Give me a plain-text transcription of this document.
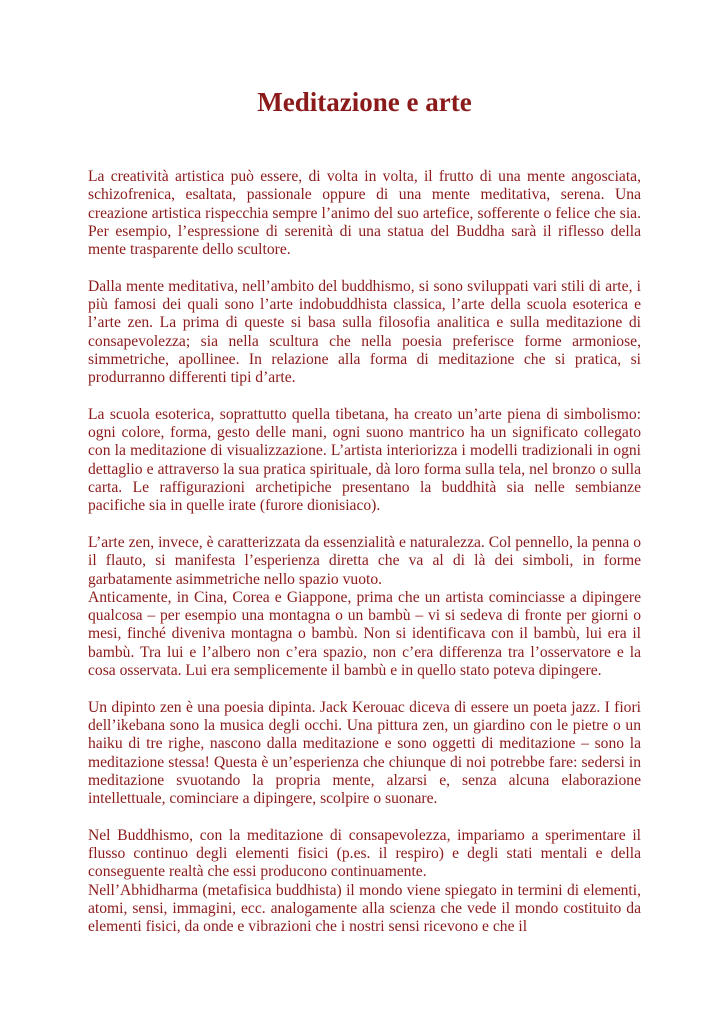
Meditazione e arte

La creatività artistica può essere, di volta in volta, il frutto di una mente angosciata, schizofrenica, esaltata, passionale oppure di una mente meditativa, serena. Una creazione artistica rispecchia sempre l’animo del suo artefice, sofferente o felice che sia. Per esempio, l’espressione di serenità di una statua del Buddha sarà il riflesso della mente trasparente dello scultore.

Dalla mente meditativa, nell’ambito del buddhismo, si sono sviluppati vari stili di arte, i più famosi dei quali sono l’arte indobuddhista classica, l’arte della scuola esoterica e l’arte zen. La prima di queste si basa sulla filosofia analitica e sulla meditazione di consapevolezza; sia nella scultura che nella poesia preferisce forme armoniose, simmetriche, apollinee. In relazione alla forma di meditazione che si pratica, si produrranno differenti tipi d’arte.

La scuola esoterica, soprattutto quella tibetana, ha creato un’arte piena di simbolismo: ogni colore, forma, gesto delle mani, ogni suono mantrico ha un significato collegato con la meditazione di visualizzazione. L’artista interiorizza i modelli tradizionali in ogni dettaglio e attraverso la sua pratica spirituale, dà loro forma sulla tela, nel bronzo o sulla carta. Le raffigurazioni archetipiche presentano la buddhità sia nelle sembianze pacifiche sia in quelle irate (furore dionisiaco).

L’arte zen, invece, è caratterizzata da essenzialità e naturalezza. Col pennello, la penna o il flauto, si manifesta l’esperienza diretta che va al di là dei simboli, in forme garbatamente asimmetriche nello spazio vuoto.

Anticamente, in Cina, Corea e Giappone, prima che un artista cominciasse a dipingere qualcosa – per esempio una montagna o un bambù – vi si sedeva di fronte per giorni o mesi, finché diveniva montagna o bambù. Non si identificava con il bambù, lui era il bambù. Tra lui e l’albero non c’era spazio, non c’era differenza tra l’osservatore e la cosa osservata. Lui era semplicemente il bambù e in quello stato poteva dipingere.

Un dipinto zen è una poesia dipinta. Jack Kerouac diceva di essere un poeta jazz. I fiori dell’ikebana sono la musica degli occhi. Una pittura zen, un giardino con le pietre o un haiku di tre righe, nascono dalla meditazione e sono oggetti di meditazione – sono la meditazione stessa! Questa è un’esperienza che chiunque di noi potrebbe fare: sedersi in meditazione svuotando la propria mente, alzarsi e, senza alcuna elaborazione intellettuale, cominciare a dipingere, scolpire o suonare.

Nel Buddhismo, con la meditazione di consapevolezza, impariamo a sperimentare il flusso continuo degli elementi fisici (p.es. il respiro) e degli stati mentali e della conseguente realtà che essi producono continuamente.

Nell’Abhidharma (metafisica buddhista) il mondo viene spiegato in termini di elementi, atomi, sensi, immagini, ecc. analogamente alla scienza che vede il mondo costituito da elementi fisici, da onde e vibrazioni che i nostri sensi ricevono e che il
